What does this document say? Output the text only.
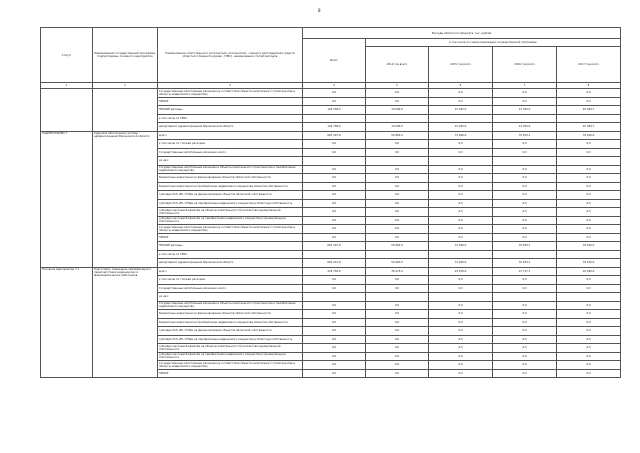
8
Статус	Наименование государственной программы, подпрограммы, основного мероприятия	Наименование ответственного исполнителя, исполнителя - главного распорядителя средств областного бюджета (далее - ГРБС), наименование статей расходов	Расходы областного бюджета, тыс. рублей				
			Всего	в том числе по годам реализации государственной программы			
				2014 год всего	2015 год всего	2016 год всего	2017 год всего
1	2	3	4	5	6	7	8
		Государственные капитальные вложения (в соответствии объекта капитального строительства в объекты недвижимого имущества)	0,0	0,0	0,0	0,0	0,0
		НИОКР	0,0	0,0	0,0	0,0	0,0
		ПРОЧИЕ расходы	144 768,0	10 090,0	15 925,0	13 350,0	20 384,7
		в том числе по ГРБС:					
		департамент здравоохранения Воронежской области	144 768,0	10 090,0	15 925,0	13 350,0	20 384,7
ПОДПРОГРАММА 7	Кадровое обеспечение системы здравоохранения Воронежской области	всего	681 447,8	54 663,0	72 926,0	76 879,1	78 106,0
		в том числе по статьям расходов:	0,0	0,0	0,0	0,0	0,0
		Государственные капитальные вложения, всего	0,0	0,0	0,0	0,0	0,0
		из них:					
		Государственные капитальные вложения в объекты капитального строительства и приобретение недвижимого имущества	0,0	0,0	0,0	0,0	0,0
		Бюджетные инвестиции на финансирование объектов областной собственности	0,0	0,0	0,0	0,0	0,0
		Бюджетные инвестиции на приобретение недвижимого имущества объектов собственности	0,0	0,0	0,0	0,0	0,0
		субсидии ЮЛ, ИП, ГУПам на финансирование объектов областной собственности	0,0	0,0	0,0	0,0	0,0
		субсидии ЮЛ, ИП, ГУПам на приобретение недвижимого имущества в областную собственность	0,0	0,0	0,0	0,0	0,0
		субсидии местным бюджетам на объекты капитального строительства муниципальной собственности	0,0	0,0	0,0	0,0	0,0
		субсидии местным бюджетам на приобретение недвижимого имущества в муниципальную собственность	0,0	0,0	0,0	0,0	0,0
		Государственные капитальные вложения (в соответствии объекта капитального строительства в объекты недвижимого имущества)	0,0	0,0	0,0	0,0	0,0
		НИОКР	0,0	0,0	0,0	0,0	0,0
		ПРОЧИЕ расходы	681 447,8	54 663,0	72 926,0	76 879,1	78 106,0
		в том числе по ГРБС:					
		департамент здравоохранения Воронежской области	681 447,8	54 663,0	72 926,0	76 879,1	78 106,0
Основное мероприятие 7.1	Подготовка, повышение квалификации и переподготовка медицинских и фармацевтических работников	всего	234 782,6	38 473,0	22 878,0	13 717,7	16 948,0
		в том числе по статьям расходов:	0,0	0,0	0,0	0,0	0,0
		Государственные капитальные вложения, всего	0,0	0,0	0,0	0,0	0,0
		из них:					
		Государственные капитальные вложения в объекты капитального строительства и приобретение недвижимого имущества	0,0	0,0	0,0	0,0	0,0
		Бюджетные инвестиции на финансирование объектов областной собственности	0,0	0,0	0,0	0,0	0,0
		Бюджетные инвестиции на приобретение недвижимого имущества объектов собственности	0,0	0,0	0,0	0,0	0,0
		субсидии ЮЛ, ИП, ГУПам на финансирование объектов областной собственности	0,0	0,0	0,0	0,0	0,0
		субсидии ЮЛ, ИП, ГУПам на приобретение недвижимого имущества в областную собственность	0,0	0,0	0,0	0,0	0,0
		субсидии местным бюджетам на объекты капитального строительства муниципальной собственности	0,0	0,0	0,0	0,0	0,0
		субсидии местным бюджетам на приобретение недвижимого имущества в муниципальную собственность	0,0	0,0	0,0	0,0	0,0
		Государственные капитальные вложения (в соответствии объекта капитального строительства в объекты недвижимого имущества)	0,0	0,0	0,0	0,0	0,0
		НИОКР	0,0	0,0	0,0	0,0	0,0
